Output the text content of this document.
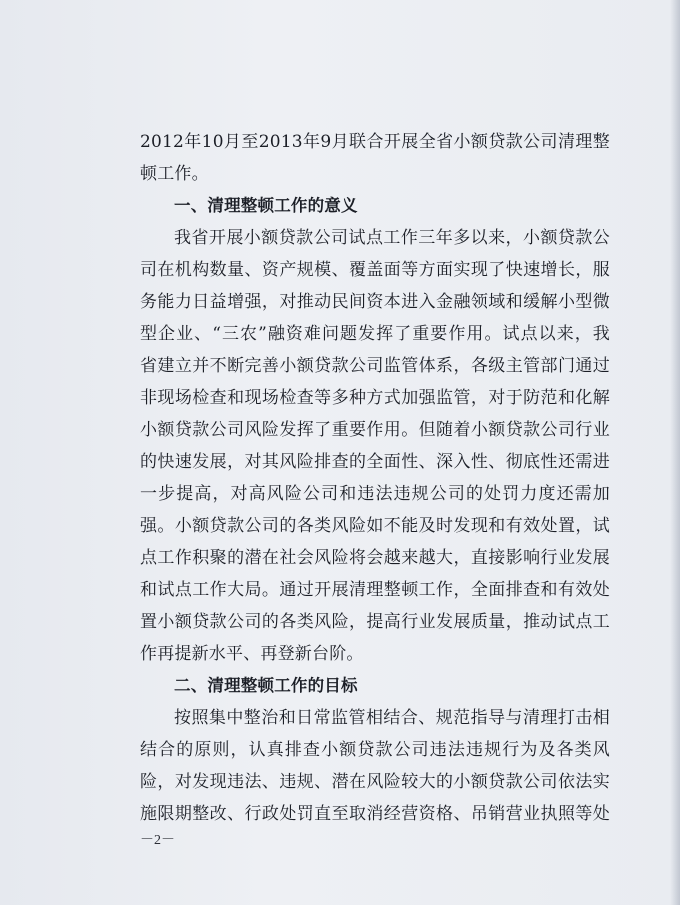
2012年10月至2013年9月联合开展全省小额贷款公司清理整
顿工作。
一、清理整顿工作的意义
我省开展小额贷款公司试点工作三年多以来，小额贷款公
司在机构数量、资产规模、覆盖面等方面实现了快速增长，服
务能力日益增强，对推动民间资本进入金融领域和缓解小型微
型企业、“三农”融资难问题发挥了重要作用。试点以来，我
省建立并不断完善小额贷款公司监管体系，各级主管部门通过
非现场检查和现场检查等多种方式加强监管，对于防范和化解
小额贷款公司风险发挥了重要作用。但随着小额贷款公司行业
的快速发展，对其风险排查的全面性、深入性、彻底性还需进
一步提高，对高风险公司和违法违规公司的处罚力度还需加
强。小额贷款公司的各类风险如不能及时发现和有效处置，试
点工作积聚的潜在社会风险将会越来越大，直接影响行业发展
和试点工作大局。通过开展清理整顿工作，全面排查和有效处
置小额贷款公司的各类风险，提高行业发展质量，推动试点工
作再提新水平、再登新台阶。
二、清理整顿工作的目标
按照集中整治和日常监管相结合、规范指导与清理打击相
结合的原则，认真排查小额贷款公司违法违规行为及各类风
险，对发现违法、违规、潜在风险较大的小额贷款公司依法实
施限期整改、行政处罚直至取消经营资格、吊销营业执照等处
－2－
